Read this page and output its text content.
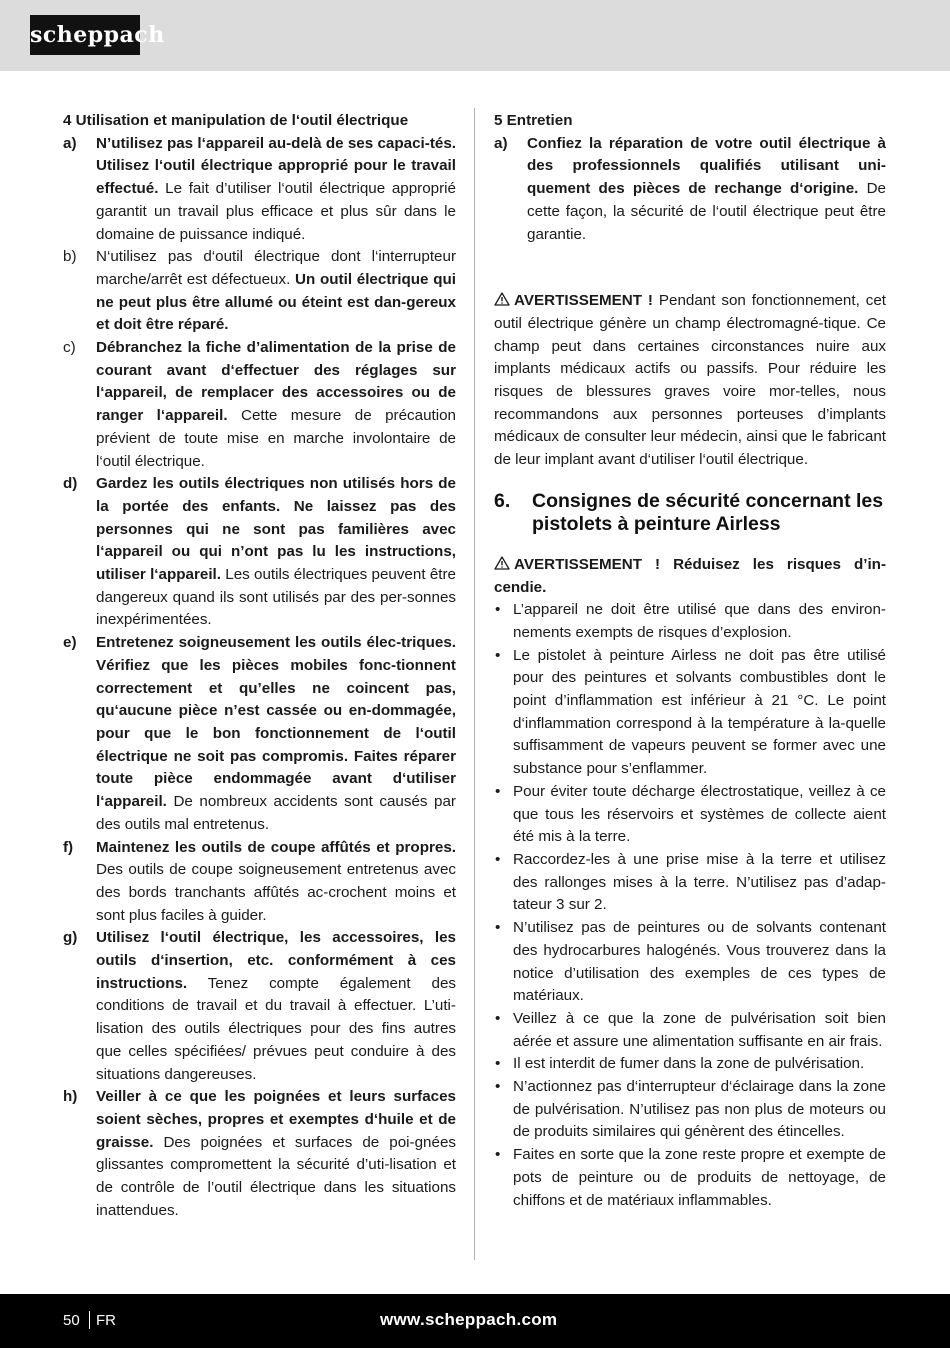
scheppach
4 Utilisation et manipulation de l‘outil électrique
a)	N’utilisez pas l‘appareil au-delà de ses capaci-tés. Utilisez l‘outil électrique approprié pour le travail effectué. Le fait d’utiliser l‘outil électrique approprié garantit un travail plus efficace et plus sûr dans le domaine de puissance indiqué.
b)	N‘utilisez pas d‘outil électrique dont l‘interrupteur marche/arrêt est défectueux. Un outil électrique qui ne peut plus être allumé ou éteint est dan-gereux et doit être réparé.
c)	Débranchez la fiche d’alimentation de la prise de courant avant d‘effectuer des réglages sur l‘appareil, de remplacer des accessoires ou de ranger l‘appareil. Cette mesure de précaution prévient de toute mise en marche involontaire de l‘outil électrique.
d)	Gardez les outils électriques non utilisés hors de la portée des enfants. Ne laissez pas des personnes qui ne sont pas familières avec l‘appareil ou qui n’ont pas lu les instructions, utiliser l‘appareil. Les outils électriques peuvent être dangereux quand ils sont utilisés par des per-sonnes inexpérimentées.
e)	Entretenez soigneusement les outils élec-triques. Vérifiez que les pièces mobiles fonc-tionnent correctement et qu’elles ne coincent pas, qu‘aucune pièce n’est cassée ou en-dommagée, pour que le bon fonctionnement de l‘outil électrique ne soit pas compromis. Faites réparer toute pièce endommagée avant d‘utiliser l‘appareil. De nombreux accidents sont causés par des outils mal entretenus.
f)	Maintenez les outils de coupe affûtés et propres. Des outils de coupe soigneusement entretenus avec des bords tranchants affûtés ac-crochent moins et sont plus faciles à guider.
g)	Utilisez l‘outil électrique, les accessoires, les outils d‘insertion, etc. conformément à ces instructions. Tenez compte également des conditions de travail et du travail à effectuer. L’uti-lisation des outils électriques pour des fins autres que celles spécifiées/ prévues peut conduire à des situations dangereuses.
h)	Veiller à ce que les poignées et leurs surfaces soient sèches, propres et exemptes d‘huile et de graisse. Des poignées et surfaces de poi-gnées glissantes compromettent la sécurité d’uti-lisation et de contrôle de l’outil électrique dans les situations inattendues.
5 Entretien
a)	Confiez la réparation de votre outil électrique à des professionnels qualifiés utilisant uni-quement des pièces de rechange d‘origine. De cette façon, la sécurité de l‘outil électrique peut être garantie.
AVERTISSEMENT ! Pendant son fonctionnement, cet outil électrique génère un champ électromagné-tique. Ce champ peut dans certaines circonstances nuire aux implants médicaux actifs ou passifs. Pour réduire les risques de blessures graves voire mor-telles, nous recommandons aux personnes porteuses d’implants médicaux de consulter leur médecin, ainsi que le fabricant de leur implant avant d‘utiliser l‘outil électrique.
6.	Consignes de sécurité concernant les pistolets à peinture Airless
AVERTISSEMENT ! Réduisez les risques d’in-cendie.
• L’appareil ne doit être utilisé que dans des environ-nements exempts de risques d’explosion.
• Le pistolet à peinture Airless ne doit pas être utilisé pour des peintures et solvants combustibles dont le point d’inflammation est inférieur à 21 °C. Le point d‘inflammation correspond à la température à la-quelle suffisamment de vapeurs peuvent se former avec une substance pour s’enflammer.
• Pour éviter toute décharge électrostatique, veillez à ce que tous les réservoirs et systèmes de collecte aient été mis à la terre.
• Raccordez-les à une prise mise à la terre et utilisez des rallonges mises à la terre. N’utilisez pas d’adap-tateur 3 sur 2.
• N’utilisez pas de peintures ou de solvants contenant des hydrocarbures halogénés. Vous trouverez dans la notice d’utilisation des exemples de ces types de matériaux.
• Veillez à ce que la zone de pulvérisation soit bien aérée et assure une alimentation suffisante en air frais.
• Il est interdit de fumer dans la zone de pulvérisation.
• N’actionnez pas d‘interrupteur d‘éclairage dans la zone de pulvérisation. N’utilisez pas non plus de moteurs ou de produits similaires qui génèrent des étincelles.
• Faites en sorte que la zone reste propre et exempte de pots de peinture ou de produits de nettoyage, de chiffons et de matériaux inflammables.
50 FR	www.scheppach.com
